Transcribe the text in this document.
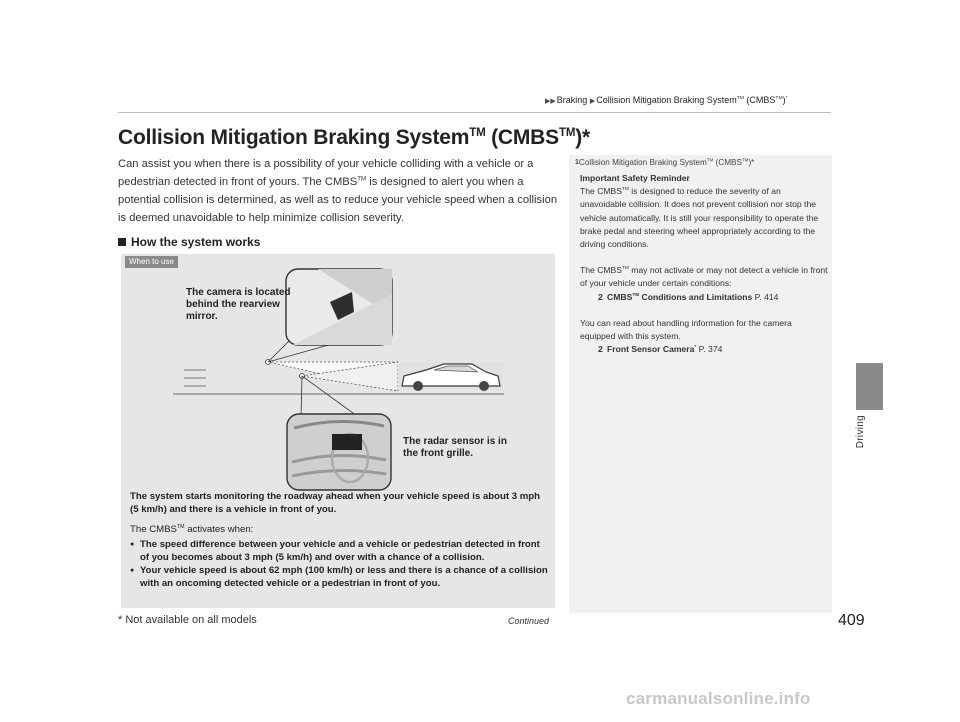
▶▶Braking ▶Collision Mitigation Braking System™ (CMBS™)*
Driving
Collision Mitigation Braking System™ (CMBS™)*
Can assist you when there is a possibility of your vehicle colliding with a vehicle or a pedestrian detected in front of yours. The CMBS™ is designed to alert you when a potential collision is determined, as well as to reduce your vehicle speed when a collision is deemed unavoidable to help minimize collision severity.
How the system works
When to use
The camera is located behind the rearview mirror.
The radar sensor is in the front grille.
The system starts monitoring the roadway ahead when your vehicle speed is about 3 mph (5 km/h) and there is a vehicle in front of you.
The CMBS™ activates when:
● The speed difference between your vehicle and a vehicle or pedestrian detected in front of you becomes about 3 mph (5 km/h) and over with a chance of a collision.
● Your vehicle speed is about 62 mph (100 km/h) or less and there is a chance of a collision with an oncoming detected vehicle or a pedestrian in front of you.
1Collision Mitigation Braking System™ (CMBS™)*

Important Safety Reminder

The CMBS™ is designed to reduce the severity of an unavoidable collision. It does not prevent collision nor stop the vehicle automatically. It is still your responsibility to operate the brake pedal and steering wheel appropriately according to the driving conditions.

The CMBS™ may not activate or may not detect a vehicle in front of your vehicle under certain conditions:

2 CMBS™ Conditions and Limitations P. 414

You can read about handling information for the camera equipped with this system.

2 Front Sensor Camera* P. 374

* Not available on all models	Continued	409
carmanualsonline.info
